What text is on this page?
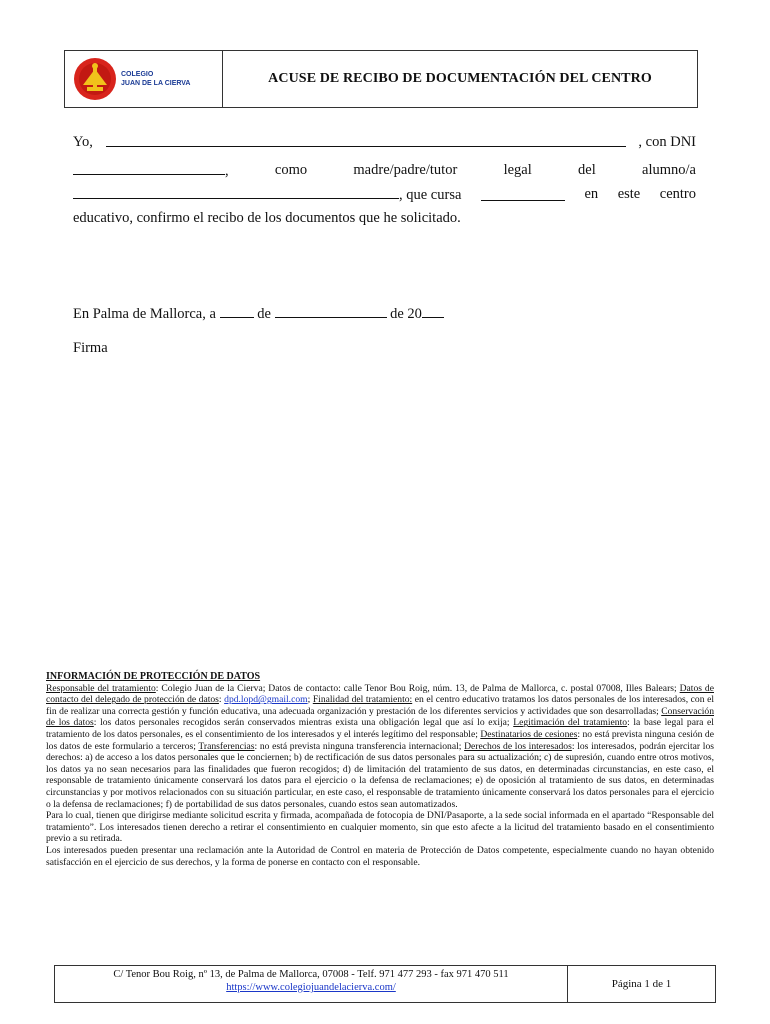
COLEGIO
JUAN DE LA CIERVA	ACUSE DE RECIBO DE DOCUMENTACIÓN DEL CENTRO
Yo,	, con DNI
,	como	madre/padre/tutor	legal	del	alumno/a
, que cursa	en este centro
educativo, confirmo el recibo de los documentos que he solicitado.
En Palma de Mallorca, a	de	de 20
Firma
INFORMACIÓN DE PROTECCIÓN DE DATOS
Responsable del tratamiento: Colegio Juan de la Cierva; Datos de contacto: calle Tenor Bou Roig, núm. 13, de Palma de Mallorca, c. postal 07008, Illes Balears; Datos de contacto del delegado de protección de datos: dpd.lopd@gmail.com; Finalidad del tratamiento: en el centro educativo tratamos los datos personales de los interesados, con el fin de realizar una correcta gestión y función educativa, una adecuada organización y prestación de los diferentes servicios y actividades que son desarrolladas; Conservación de los datos: los datos personales recogidos serán conservados mientras exista una obligación legal que así lo exija; Legitimación del tratamiento: la base legal para el tratamiento de los datos personales, es el consentimiento de los interesados y el interés legítimo del responsable; Destinatarios de cesiones: no está prevista ninguna cesión de los datos de este formulario a terceros; Transferencias: no está prevista ninguna transferencia internacional; Derechos de los interesados: los interesados, podrán ejercitar los derechos: a) de acceso a los datos personales que le conciernen; b) de rectificación de sus datos personales para su actualización; c) de supresión, cuando entre otros motivos, los datos ya no sean necesarios para las finalidades que fueron recogidos; d) de limitación del tratamiento de sus datos, en determinadas circunstancias, en este caso, el responsable de tratamiento únicamente conservará los datos para el ejercicio o la defensa de reclamaciones; e) de oposición al tratamiento de sus datos, en determinadas circunstancias y por motivos relacionados con su situación particular, en este caso, el responsable de tratamiento únicamente conservará los datos personales para el ejercicio o la defensa de reclamaciones; f) de portabilidad de sus datos personales, cuando estos sean automatizados.
Para lo cual, tienen que dirigirse mediante solicitud escrita y firmada, acompañada de fotocopia de DNI/Pasaporte, a la sede social informada en el apartado “Responsable del tratamiento”. Los interesados tienen derecho a retirar el consentimiento en cualquier momento, sin que esto afecte a la licitud del tratamiento basado en el consentimiento previo a su retirada.
Los interesados pueden presentar una reclamación ante la Autoridad de Control en materia de Protección de Datos competente, especialmente cuando no hayan obtenido satisfacción en el ejercicio de sus derechos, y la forma de ponerse en contacto con el responsable.
C/ Tenor Bou Roig, nº 13, de Palma de Mallorca, 07008 - Telf. 971 477 293 - fax 971 470 511
https://www.colegiojuandelacierva.com/	Página 1 de 1
